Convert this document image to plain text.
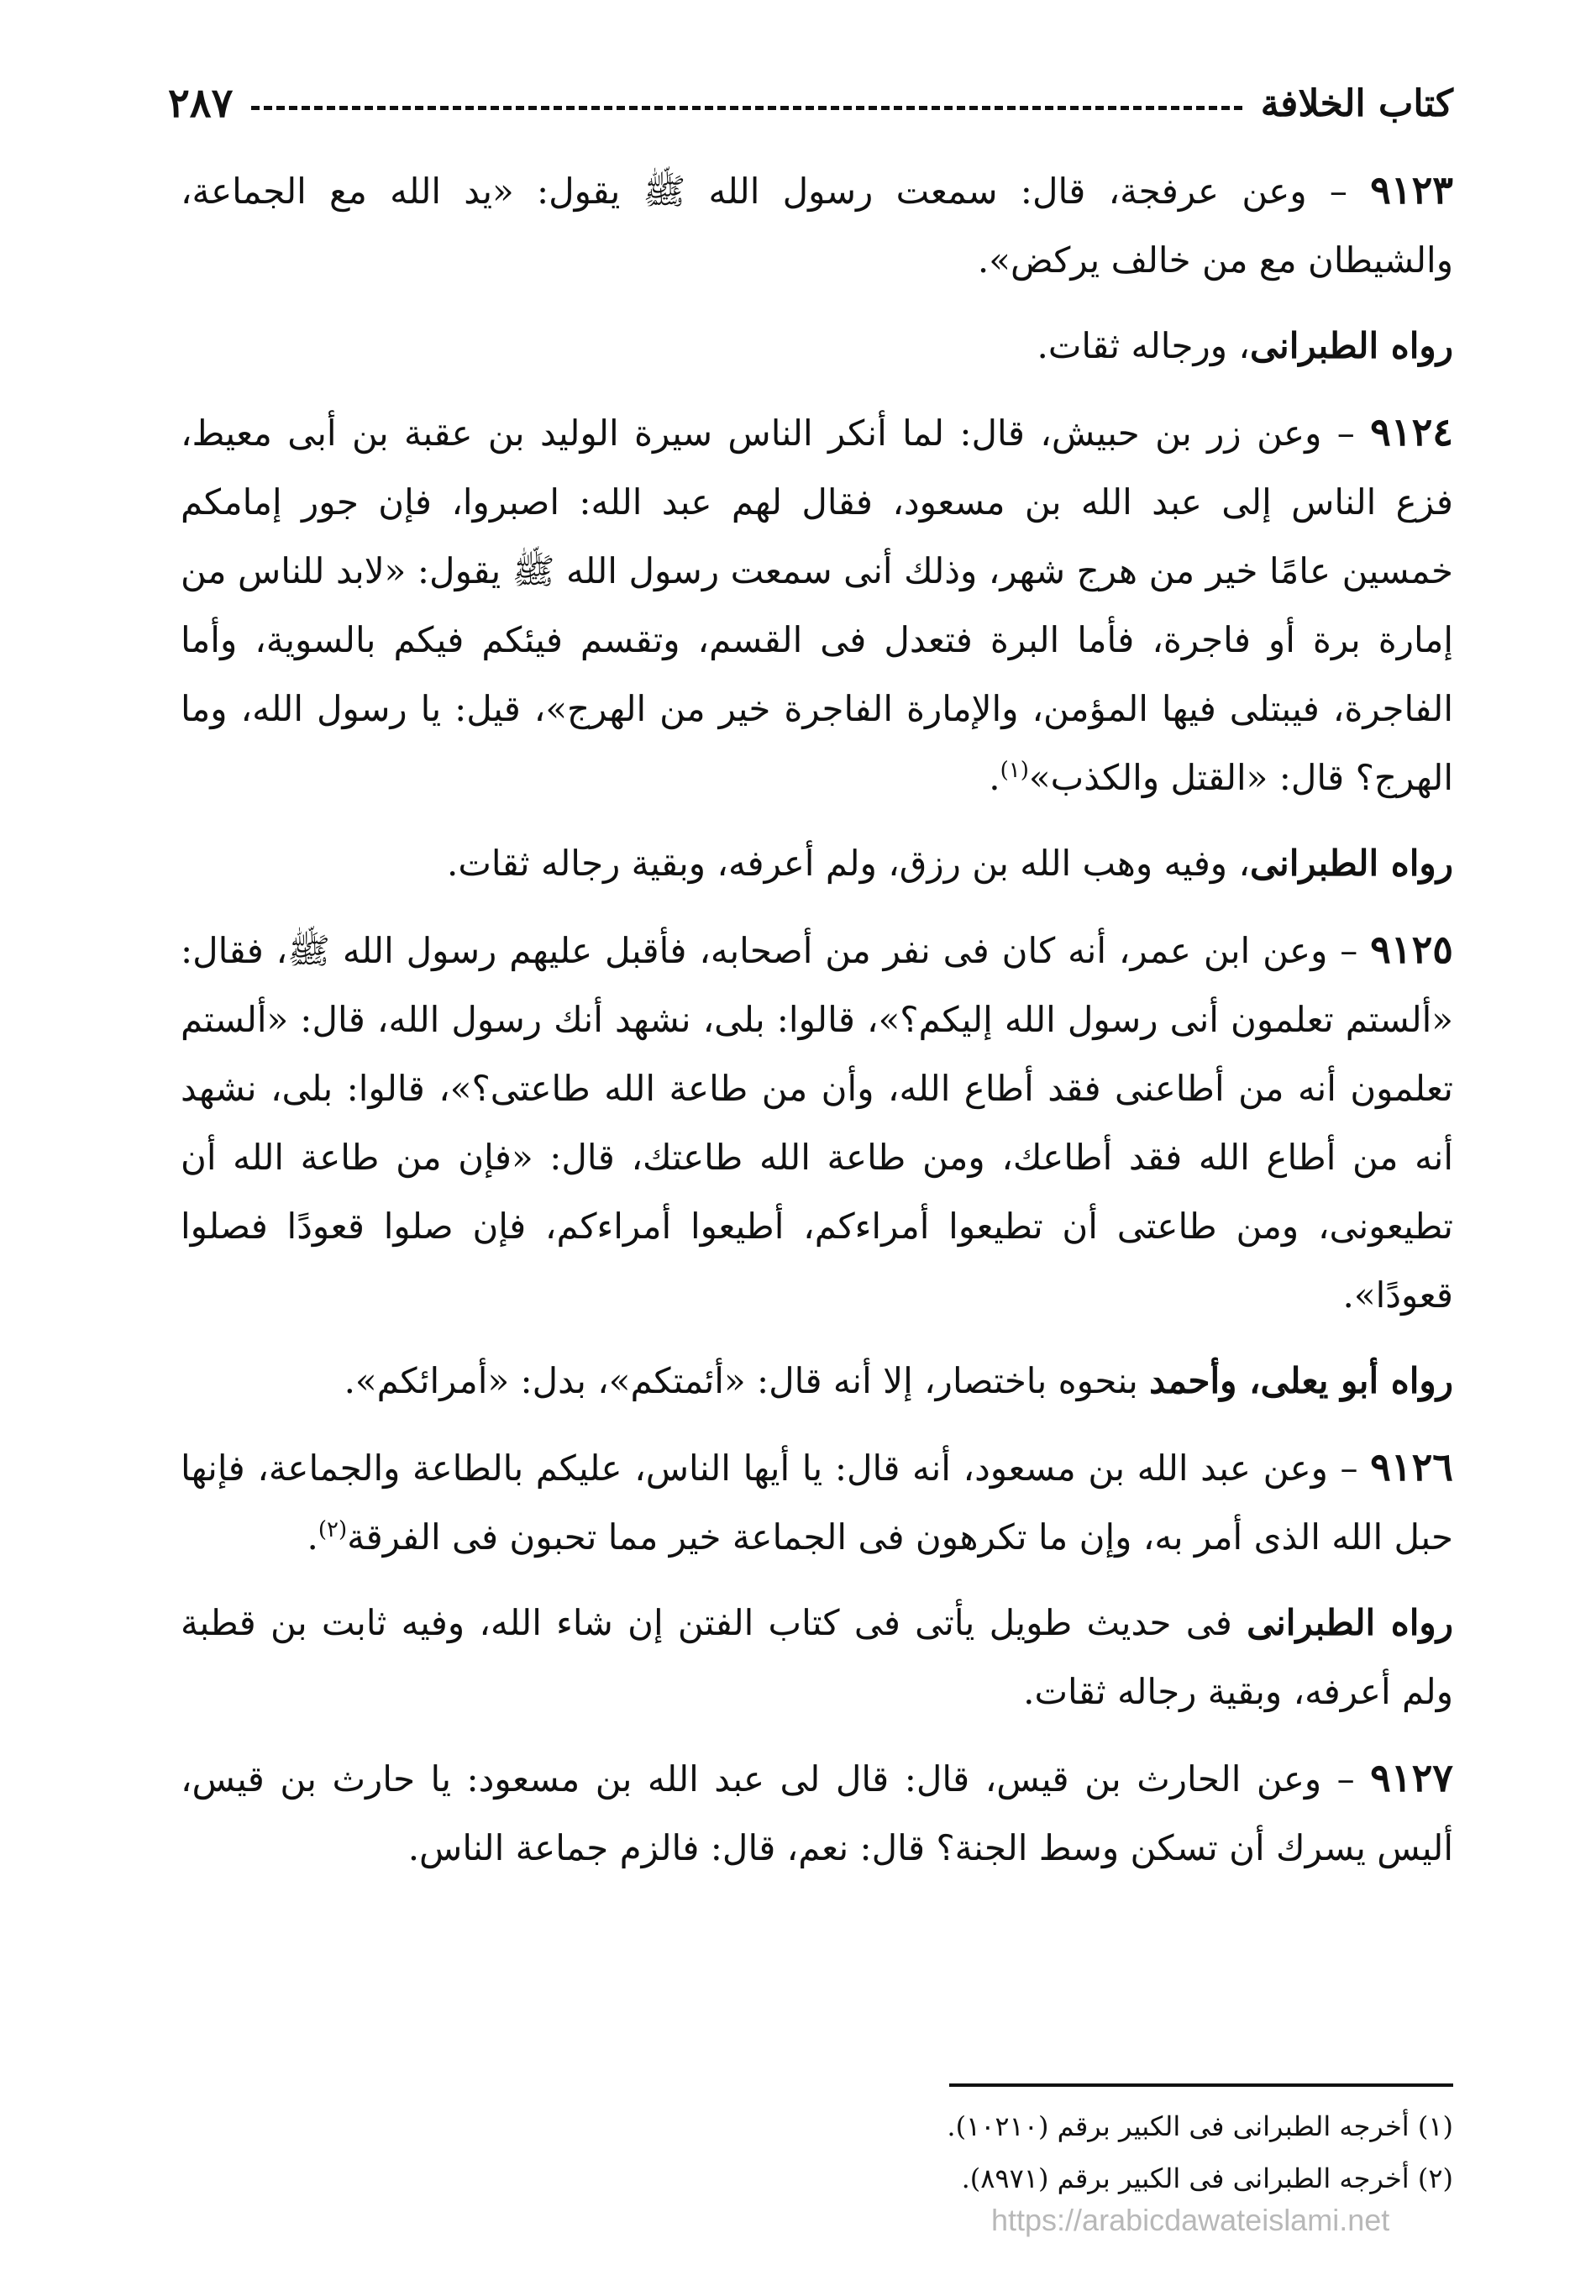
كتاب الخلافة
٢٨٧

٩١٢٣ – وعن عرفجة، قال: سمعت رسول الله ﷺ يقول: «يد الله مع الجماعة، والشيطان مع من خالف يركض».

رواه الطبرانى، ورجاله ثقات.

٩١٢٤ – وعن زر بن حبيش، قال: لما أنكر الناس سيرة الوليد بن عقبة بن أبى معيط، فزع الناس إلى عبد الله بن مسعود، فقال لهم عبد الله: اصبروا، فإن جور إمامكم خمسين عامًا خير من هرج شهر، وذلك أنى سمعت رسول الله ﷺ يقول: «لابد للناس من إمارة برة أو فاجرة، فأما البرة فتعدل فى القسم، وتقسم فيئكم فيكم بالسوية، وأما الفاجرة، فيبتلى فيها المؤمن، والإمارة الفاجرة خير من الهرج»، قيل: يا رسول الله، وما الهرج؟ قال: «القتل والكذب»$^{(١)}$.

رواه الطبرانى، وفيه وهب الله بن رزق، ولم أعرفه، وبقية رجاله ثقات.

٩١٢٥ – وعن ابن عمر، أنه كان فى نفر من أصحابه، فأقبل عليهم رسول الله ﷺ، فقال: «ألستم تعلمون أنى رسول الله إليكم؟»، قالوا: بلى، نشهد أنك رسول الله، قال: «ألستم تعلمون أنه من أطاعنى فقد أطاع الله، وأن من طاعة الله طاعتى؟»، قالوا: بلى، نشهد أنه من أطاع الله فقد أطاعك، ومن طاعة الله طاعتك، قال: «فإن من طاعة الله أن تطيعونى، ومن طاعتى أن تطيعوا أمراءكم، أطيعوا أمراءكم، فإن صلوا قعودًا فصلوا قعودًا».

رواه أبو يعلى، وأحمد بنحوه باختصار، إلا أنه قال: «أئمتكم»، بدل: «أمرائكم».

٩١٢٦ – وعن عبد الله بن مسعود، أنه قال: يا أيها الناس، عليكم بالطاعة والجماعة، فإنها حبل الله الذى أمر به، وإن ما تكرهون فى الجماعة خير مما تحبون فى الفرقة$^{(٢)}$.

رواه الطبرانى فى حديث طويل يأتى فى كتاب الفتن إن شاء الله، وفيه ثابت بن قطبة ولم أعرفه، وبقية رجاله ثقات.

٩١٢٧ – وعن الحارث بن قيس، قال: قال لى عبد الله بن مسعود: يا حارث بن قيس، أليس يسرك أن تسكن وسط الجنة؟ قال: نعم، قال: فالزم جماعة الناس.

(١) أخرجه الطبرانى فى الكبير برقم (١٠٢١٠).
(٢) أخرجه الطبرانى فى الكبير برقم (٨٩٧١).
https://arabicdawateislami.net
